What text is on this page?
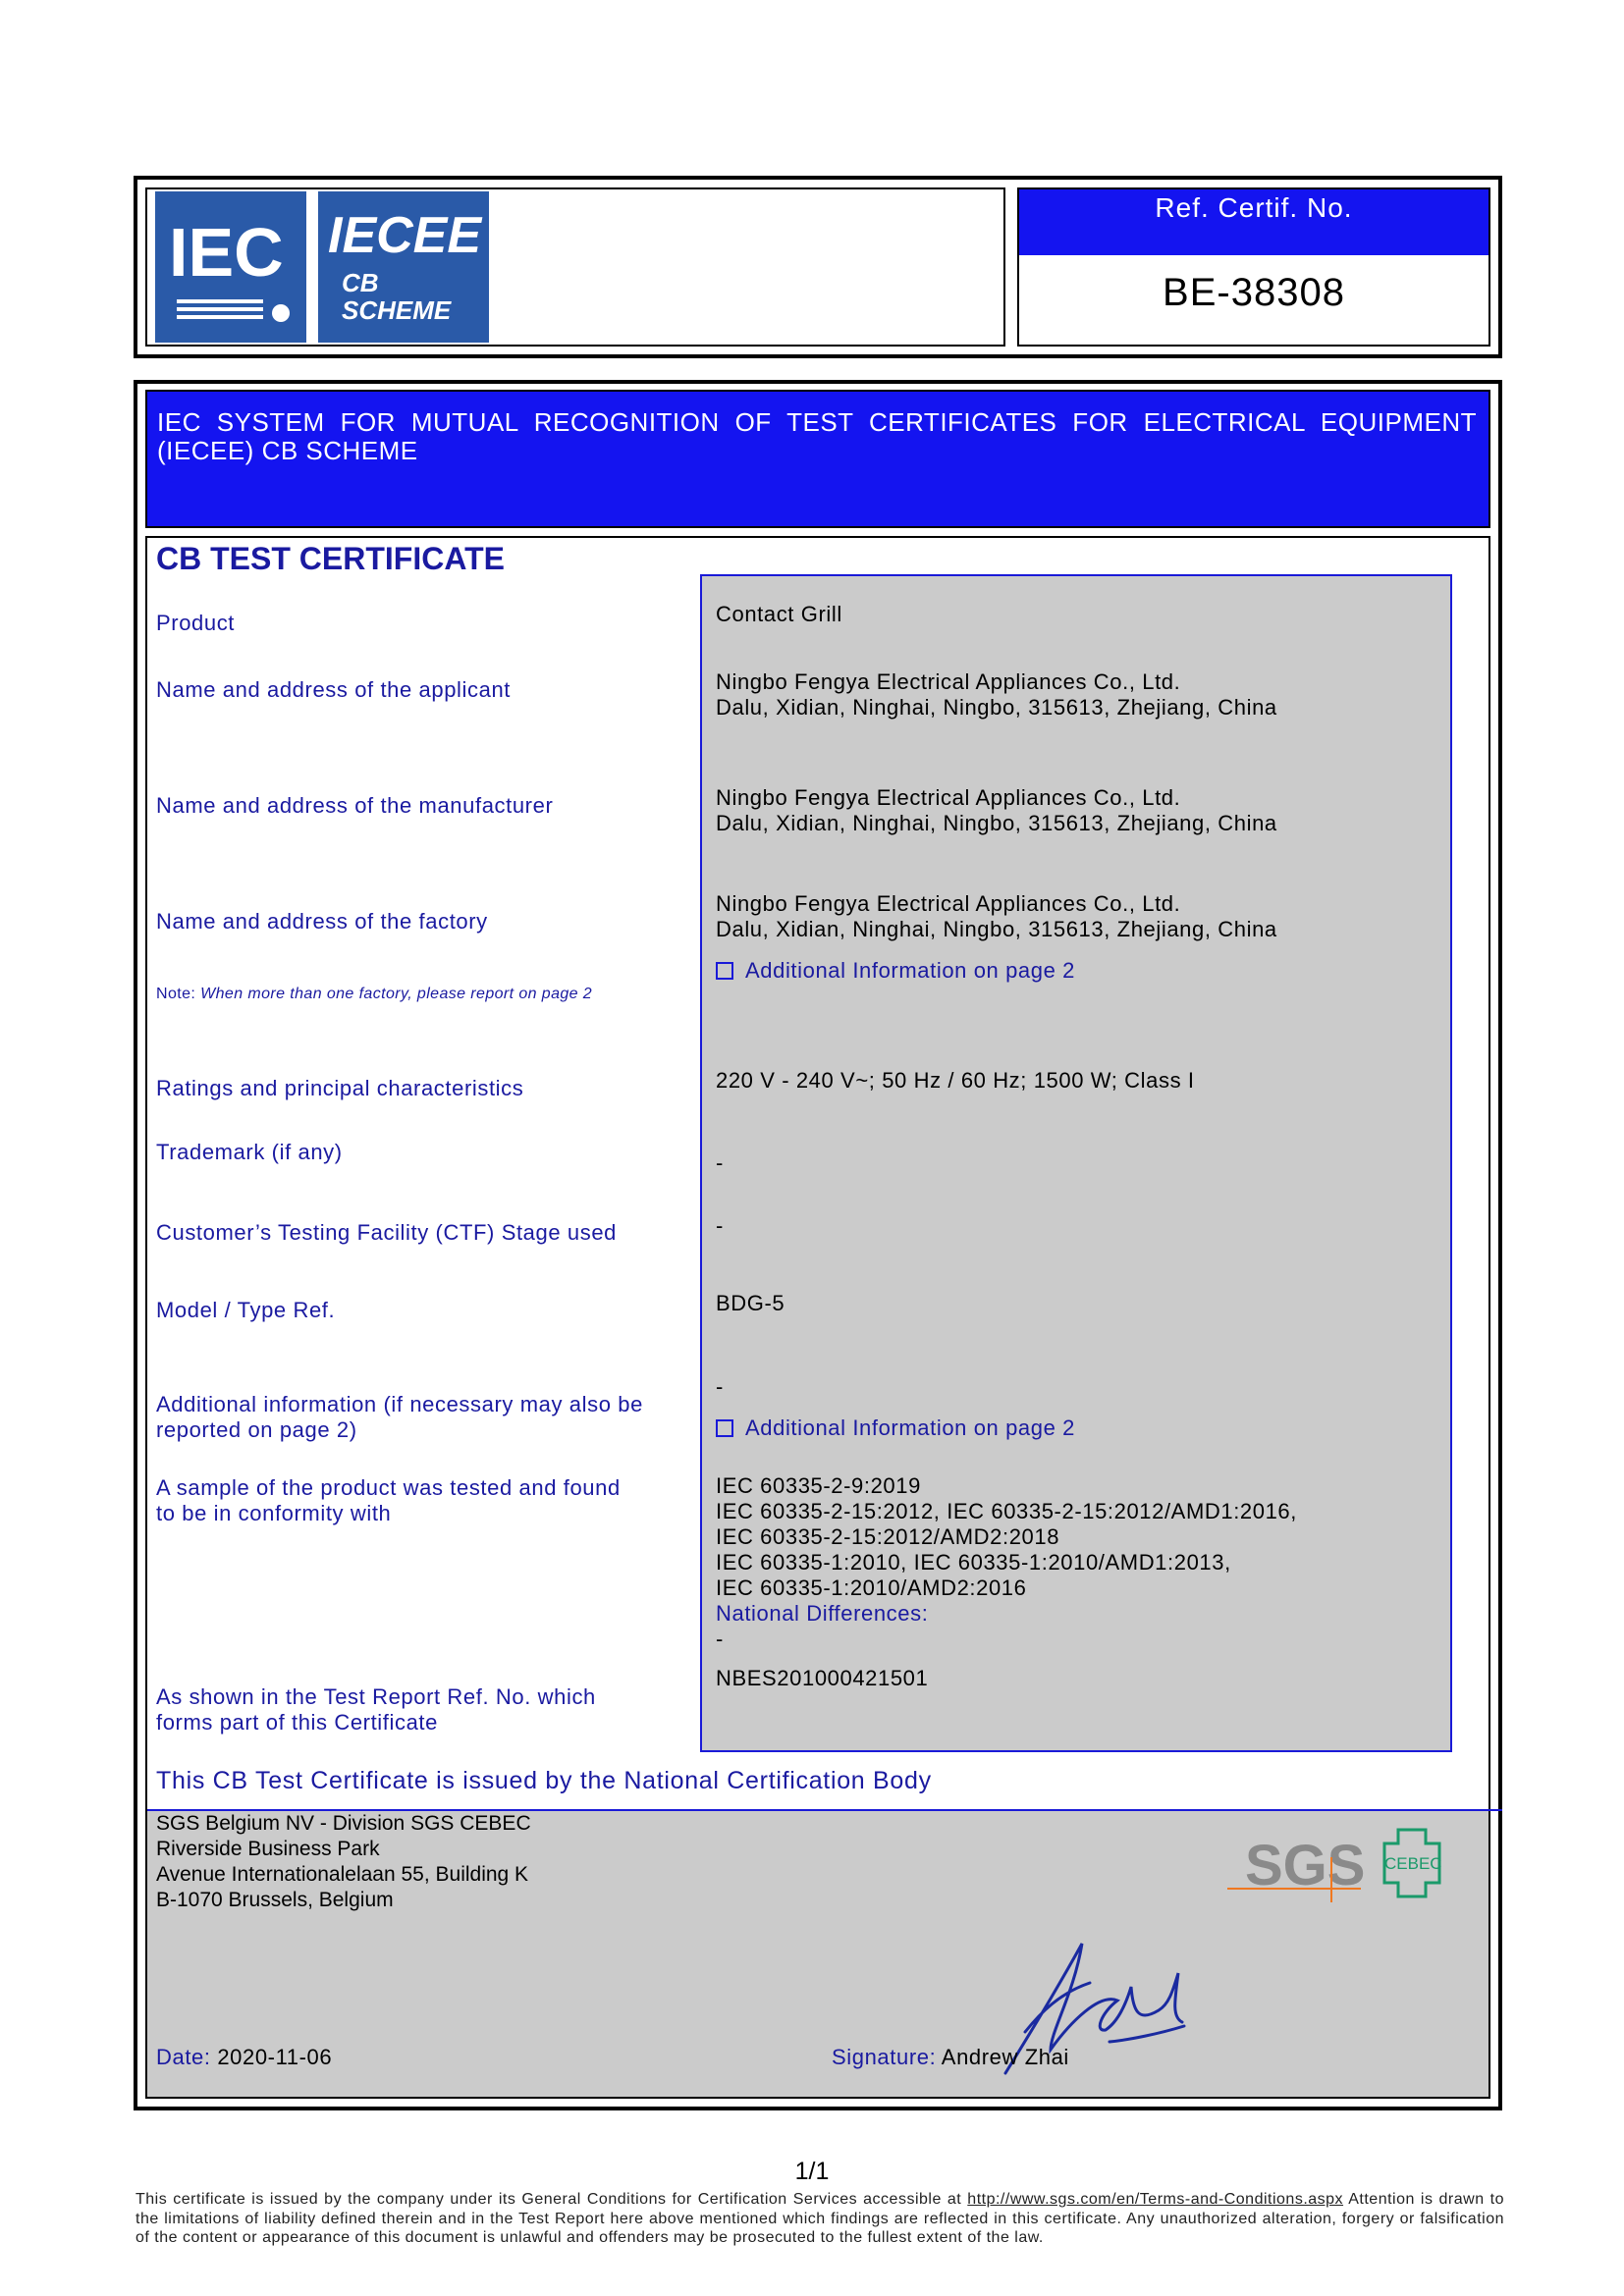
IEC IECEE
CB
SCHEME
Ref. Certif. No.
BE-38308
IEC SYSTEM FOR MUTUAL RECOGNITION OF TEST CERTIFICATES FOR ELECTRICAL EQUIPMENT (IECEE) CB SCHEME
CB TEST CERTIFICATE
Product
Name and address of the applicant
Name and address of the manufacturer
Name and address of the factory
Note: When more than one factory, please report on page 2
Ratings and principal characteristics
Trademark (if any)
Customer’s Testing Facility (CTF) Stage used
Model / Type Ref.
Additional information (if necessary may also be
reported on page 2)
A sample of the product was tested and found
to be in conformity with
As shown in the Test Report Ref. No. which
forms part of this Certificate
Contact Grill
Ningbo Fengya Electrical Appliances Co., Ltd.
Dalu, Xidian, Ninghai, Ningbo, 315613, Zhejiang, China
Ningbo Fengya Electrical Appliances Co., Ltd.
Dalu, Xidian, Ninghai, Ningbo, 315613, Zhejiang, China
Ningbo Fengya Electrical Appliances Co., Ltd.
Dalu, Xidian, Ninghai, Ningbo, 315613, Zhejiang, China
Additional Information on page 2
220 V - 240 V~; 50 Hz / 60 Hz; 1500 W; Class I
-
-
BDG-5
-
Additional Information on page 2
IEC 60335-2-9:2019
IEC 60335-2-15:2012, IEC 60335-2-15:2012/AMD1:2016,
IEC 60335-2-15:2012/AMD2:2018
IEC 60335-1:2010, IEC 60335-1:2010/AMD1:2013,
IEC 60335-1:2010/AMD2:2016
National Differences:
-
NBES201000421501
This CB Test Certificate is issued by the National Certification Body
SGS Belgium NV - Division SGS CEBEC
Riverside Business Park
Avenue Internationalelaan 55, Building K
B-1070 Brussels, Belgium
SGS CEBEC
Date: 2020-11-06	Signature: Andrew Zhai
1/1
This certificate is issued by the company under its General Conditions for Certification Services accessible at http://www.sgs.com/en/Terms-and-Conditions.aspx Attention is drawn to the limitations of liability defined therein and in the Test Report here above mentioned which findings are reflected in this certificate. Any unauthorized alteration, forgery or falsification of the content or appearance of this document is unlawful and offenders may be prosecuted to the fullest extent of the law.
